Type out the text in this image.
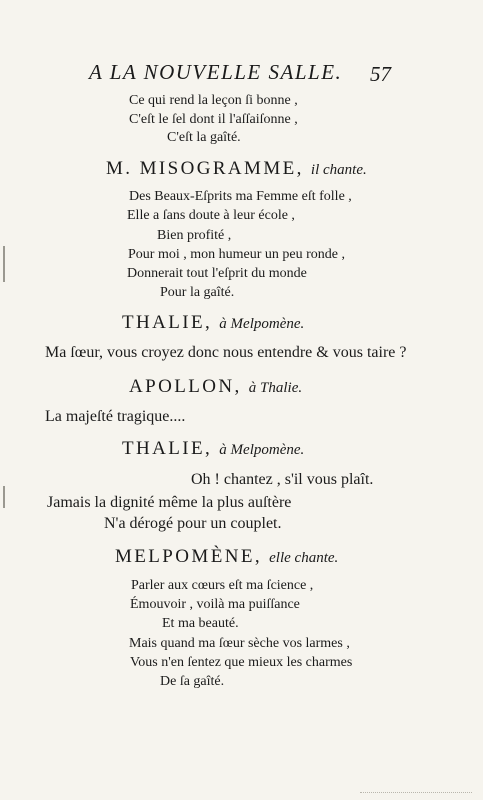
A LA NOUVELLE SALLE. 57
Ce qui rend la leçon ſi bonne ,
C'eſt le ſel dont il l'aſſaiſonne ,
C'eſt la gaîté.
M. MISOGRAMME, il chante.
Des Beaux-Eſprits ma Femme eſt folle ,
Elle a ſans doute à leur école ,
Bien profité ,
Pour moi , mon humeur un peu ronde ,
Donnerait tout l'eſprit du monde
Pour la gaîté.
THALIE, à Melpomène.
Ma ſœur, vous croyez donc nous entendre & vous taire ?
APOLLON, à Thalie.
La majeſté tragique....
THALIE, à Melpomène.
Oh ! chantez , s'il vous plaît.
Jamais la dignité même la plus auſtère
N'a dérogé pour un couplet.
MELPOMÈNE, elle chante.
Parler aux cœurs eſt ma ſcience ,
Émouvoir , voilà ma puiſſance
Et ma beauté.
Mais quand ma ſœur sèche vos larmes ,
Vous n'en ſentez que mieux les charmes
De ſa gaîté.
